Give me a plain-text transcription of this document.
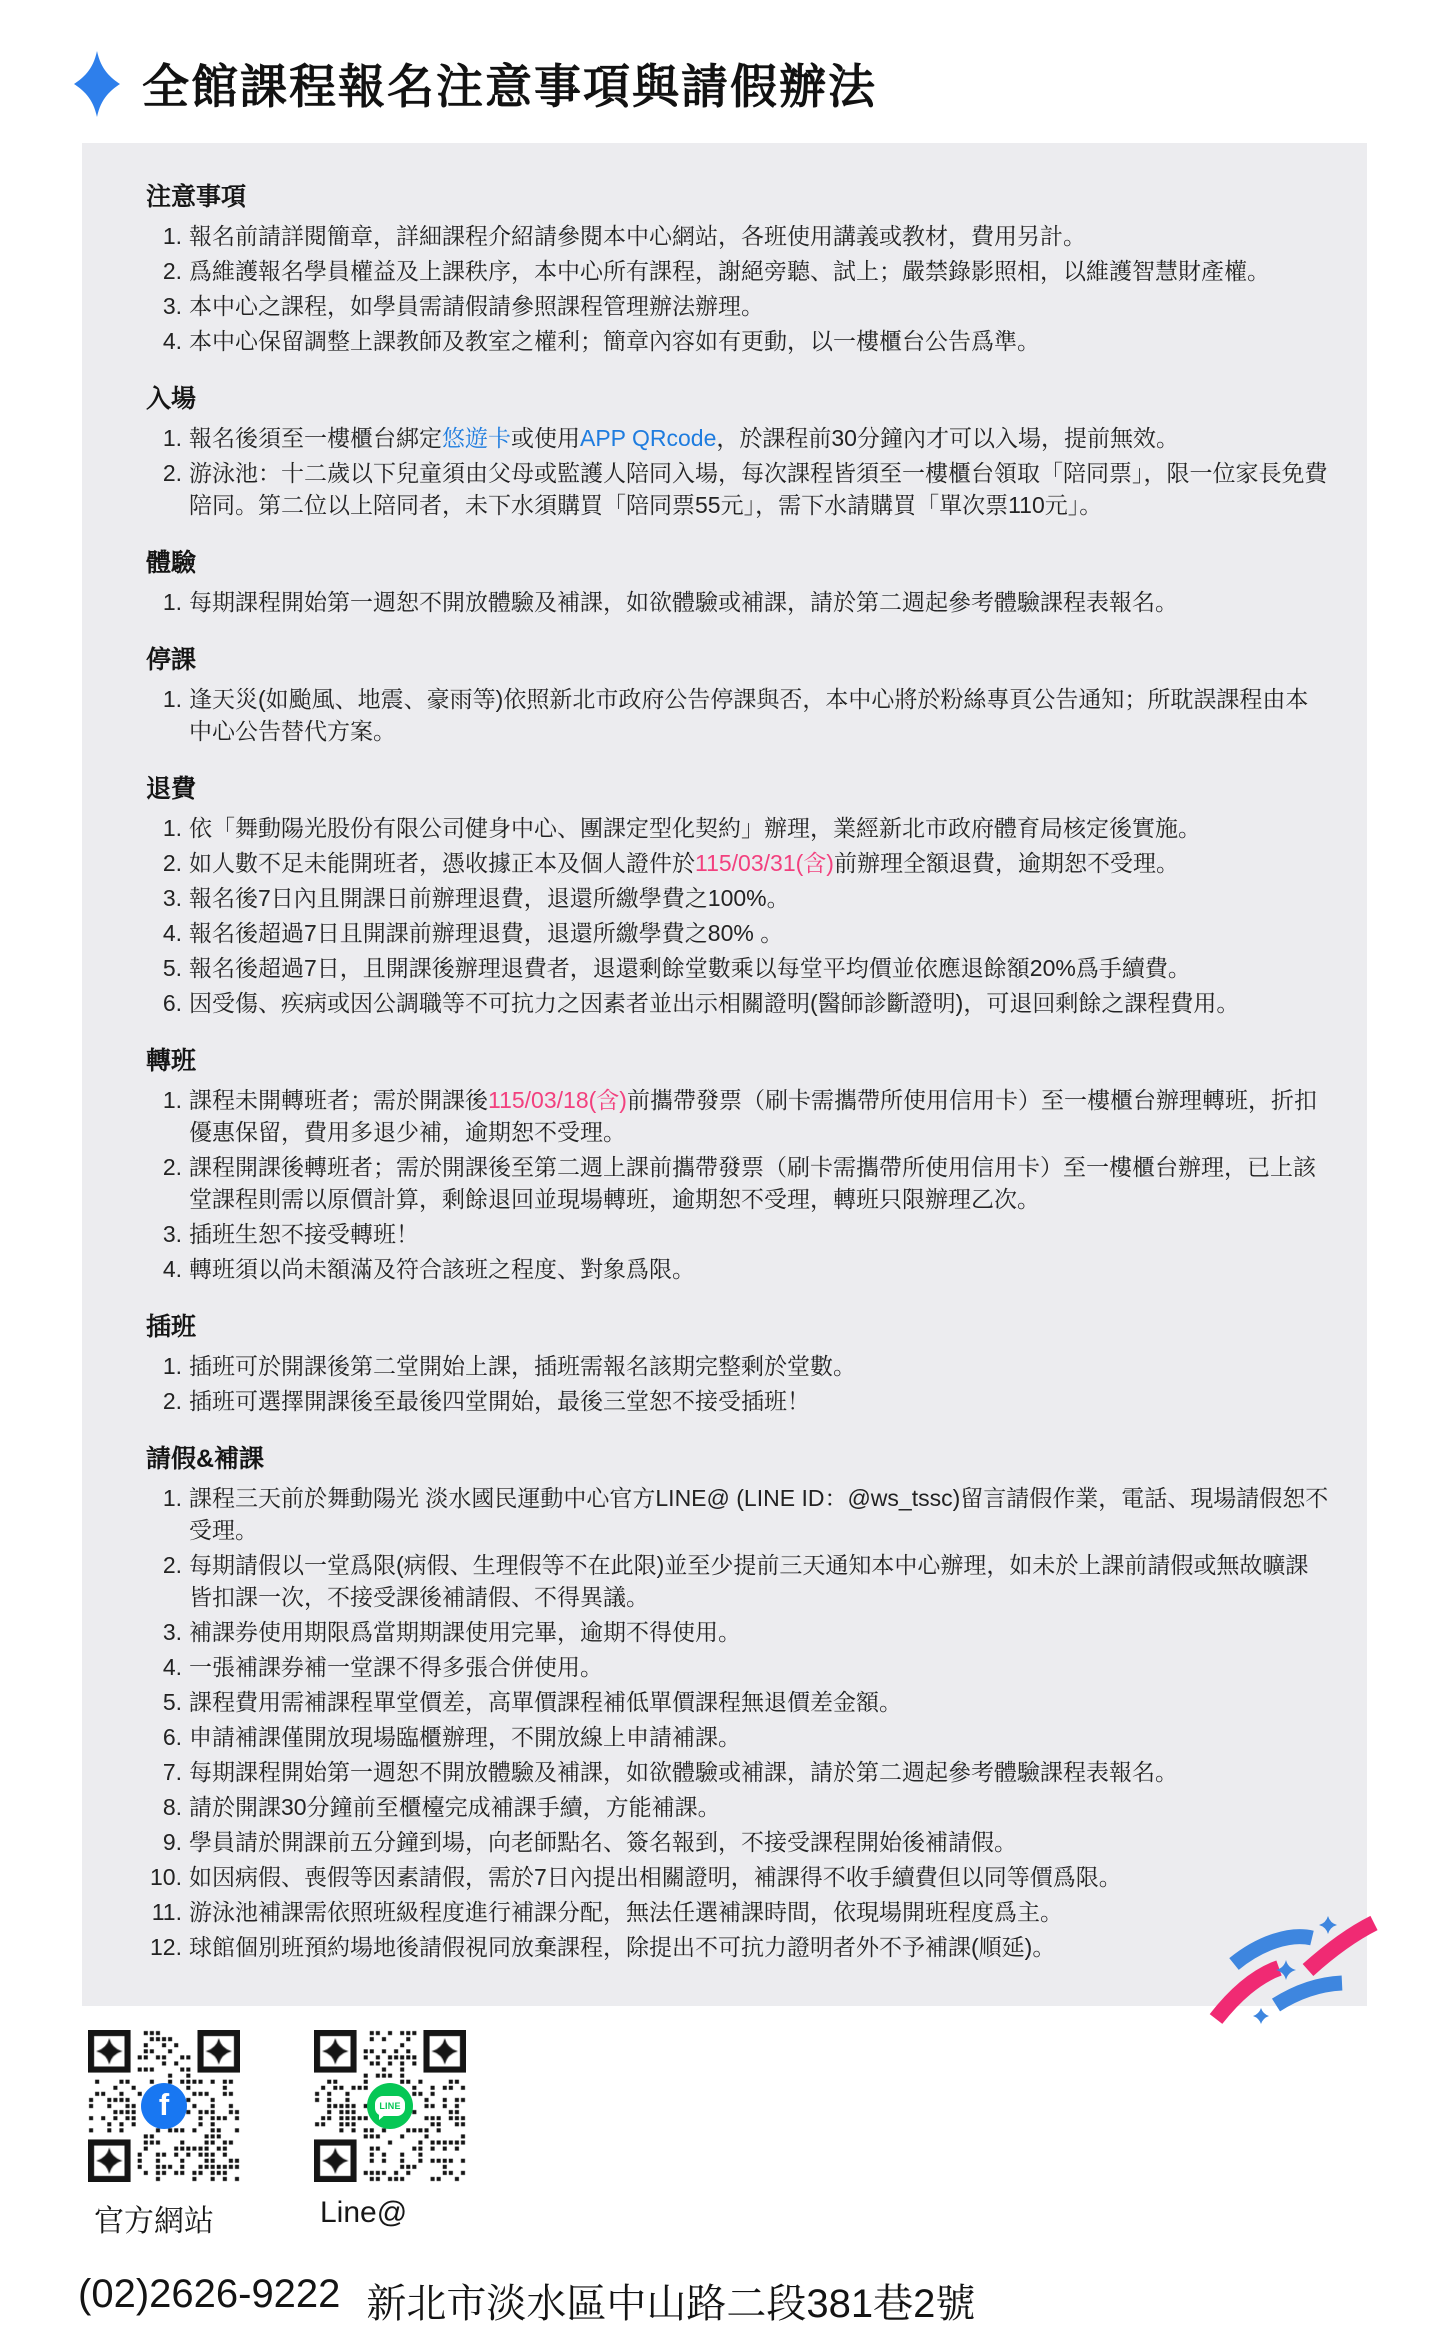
全館課程報名注意事項與請假辦法
注意事項
報名前請詳閱簡章，詳細課程介紹請參閱本中心網站，各班使用講義或教材，費用另計。
爲維護報名學員權益及上課秩序，本中心所有課程，謝絕旁聽、試上；嚴禁錄影照相，以維護智慧財產權。
本中心之課程，如學員需請假請參照課程管理辦法辦理。
本中心保留調整上課教師及教室之權利；簡章內容如有更動，以一樓櫃台公告爲準。
入場
報名後須至一樓櫃台綁定悠遊卡或使用APP QRcode，於課程前30分鐘內才可以入場，提前無效。
游泳池：十二歲以下兒童須由父母或監護人陪同入場，每次課程皆須至一樓櫃台領取「陪同票」，限一位家長免費陪同。第二位以上陪同者，未下水須購買「陪同票55元」，需下水請購買「單次票110元」。
體驗
每期課程開始第一週恕不開放體驗及補課，如欲體驗或補課，請於第二週起參考體驗課程表報名。
停課
逢天災(如颱風、地震、豪雨等)依照新北市政府公告停課與否，本中心將於粉絲專頁公告通知；所耽誤課程由本中心公告替代方案。
退費
依「舞動陽光股份有限公司健身中心、團課定型化契約」辦理，業經新北市政府體育局核定後實施。
如人數不足未能開班者，憑收據正本及個人證件於115/03/31(含)前辦理全額退費，逾期恕不受理。
報名後7日內且開課日前辦理退費，退還所繳學費之100%。
報名後超過7日且開課前辦理退費，退還所繳學費之80% 。
報名後超過7日，且開課後辦理退費者，退還剩餘堂數乘以每堂平均價並依應退餘額20%爲手續費。
因受傷、疾病或因公調職等不可抗力之因素者並出示相關證明(醫師診斷證明)，可退回剩餘之課程費用。
轉班
課程未開轉班者；需於開課後115/03/18(含)前攜帶發票（刷卡需攜帶所使用信用卡）至一樓櫃台辦理轉班，折扣優惠保留，費用多退少補，逾期恕不受理。
課程開課後轉班者；需於開課後至第二週上課前攜帶發票（刷卡需攜帶所使用信用卡）至一樓櫃台辦理，已上該堂課程則需以原價計算，剩餘退回並現場轉班，逾期恕不受理，轉班只限辦理乙次。
插班生恕不接受轉班！
轉班須以尚未額滿及符合該班之程度、對象爲限。
插班
插班可於開課後第二堂開始上課，插班需報名該期完整剩於堂數。
插班可選擇開課後至最後四堂開始，最後三堂恕不接受插班！
請假&補課
課程三天前於舞動陽光 淡水國民運動中心官方LINE@ (LINE ID：@ws_tssc)留言請假作業，電話、現場請假恕不受理。
每期請假以一堂爲限(病假、生理假等不在此限)並至少提前三天通知本中心辦理，如未於上課前請假或無故曠課皆扣課一次，不接受課後補請假、不得異議。
補課券使用期限爲當期期課使用完畢，逾期不得使用。
一張補課券補一堂課不得多張合併使用。
課程費用需補課程單堂價差，高單價課程補低單價課程無退價差金額。
申請補課僅開放現場臨櫃辦理，不開放線上申請補課。
每期課程開始第一週恕不開放體驗及補課，如欲體驗或補課，請於第二週起參考體驗課程表報名。
請於開課30分鐘前至櫃檯完成補課手續，方能補課。
學員請於開課前五分鐘到場，向老師點名、簽名報到，不接受課程開始後補請假。
如因病假、喪假等因素請假，需於7日內提出相關證明，補課得不收手續費但以同等價爲限。
游泳池補課需依照班級程度進行補課分配，無法任選補課時間，依現場開班程度爲主。
球館個別班預約場地後請假視同放棄課程，除提出不可抗力證明者外不予補課(順延)。
f
官方網站
LINE
Line@
(02)2626-9222 新北市淡水區中山路二段381巷2號
